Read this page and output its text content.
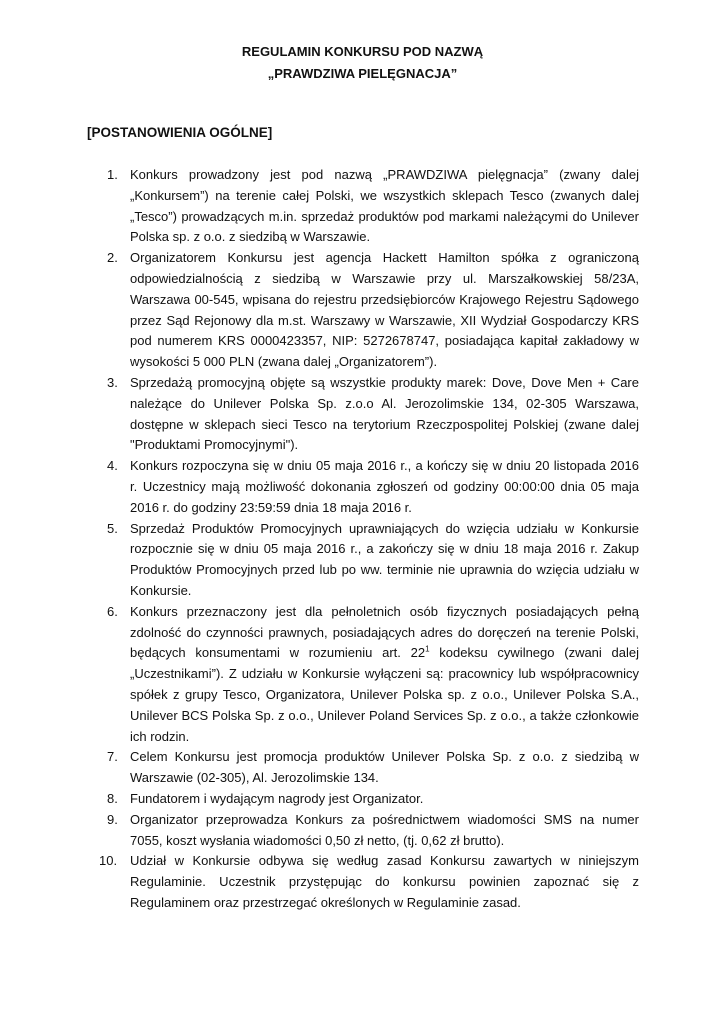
REGULAMIN KONKURSU POD NAZWĄ
„PRAWDZIWA PIELĘGNACJA”
[POSTANOWIENIA OGÓLNE]
1. Konkurs prowadzony jest pod nazwą „PRAWDZIWA pielęgnacja” (zwany dalej „Konkursem”) na terenie całej Polski, we wszystkich sklepach Tesco (zwanych dalej „Tesco”) prowadzących m.in. sprzedaż produktów pod markami należącymi do Unilever Polska sp. z o.o. z siedzibą w Warszawie.
2. Organizatorem Konkursu jest agencja Hackett Hamilton spółka z ograniczoną odpowiedzialnością z siedzibą w Warszawie przy ul. Marszałkowskiej 58/23A, Warszawa 00-545, wpisana do rejestru przedsiębiorców Krajowego Rejestru Sądowego przez Sąd Rejonowy dla m.st. Warszawy w Warszawie, XII Wydział Gospodarczy KRS pod numerem KRS 0000423357, NIP: 5272678747, posiadająca kapitał zakładowy w wysokości 5 000 PLN (zwana dalej „Organizatorem”).
3. Sprzedażą promocyjną objęte są wszystkie produkty marek: Dove, Dove Men + Care należące do Unilever Polska Sp. z.o.o Al. Jerozolimskie 134, 02-305 Warszawa, dostępne w sklepach sieci Tesco na terytorium Rzeczpospolitej Polskiej (zwane dalej "Produktami Promocyjnymi").
4. Konkurs rozpoczyna się w dniu 05 maja 2016 r., a kończy się w dniu 20 listopada 2016 r. Uczestnicy mają możliwość dokonania zgłoszeń od godziny 00:00:00 dnia 05 maja 2016 r. do godziny 23:59:59 dnia 18 maja 2016 r.
5. Sprzedaż Produktów Promocyjnych uprawniających do wzięcia udziału w Konkursie rozpocznie się w dniu 05 maja 2016 r., a zakończy się w dniu 18 maja 2016 r. Zakup Produktów Promocyjnych przed lub po ww. terminie nie uprawnia do wzięcia udziału w Konkursie.
6. Konkurs przeznaczony jest dla pełnoletnich osób fizycznych posiadających pełną zdolność do czynności prawnych, posiadających adres do doręczeń na terenie Polski, będących konsumentami w rozumieniu art. $22^1$ kodeksu cywilnego (zwani dalej „Uczestnikami”). Z udziału w Konkursie wyłączeni są: pracownicy lub współpracownicy spółek z grupy Tesco, Organizatora, Unilever Polska sp. z o.o., Unilever Polska S.A., Unilever BCS Polska Sp. z o.o., Unilever Poland Services Sp. z o.o., a także członkowie ich rodzin.
7. Celem Konkursu jest promocja produktów Unilever Polska Sp. z o.o. z siedzibą w Warszawie (02-305), Al. Jerozolimskie 134.
8. Fundatorem i wydającym nagrody jest Organizator.
9. Organizator przeprowadza Konkurs za pośrednictwem wiadomości SMS na numer 7055, koszt wysłania wiadomości 0,50 zł netto, (tj. 0,62 zł brutto).
10. Udział w Konkursie odbywa się według zasad Konkursu zawartych w niniejszym Regulaminie. Uczestnik przystępując do konkursu powinien zapoznać się z Regulaminem oraz przestrzegać określonych w Regulaminie zasad.
